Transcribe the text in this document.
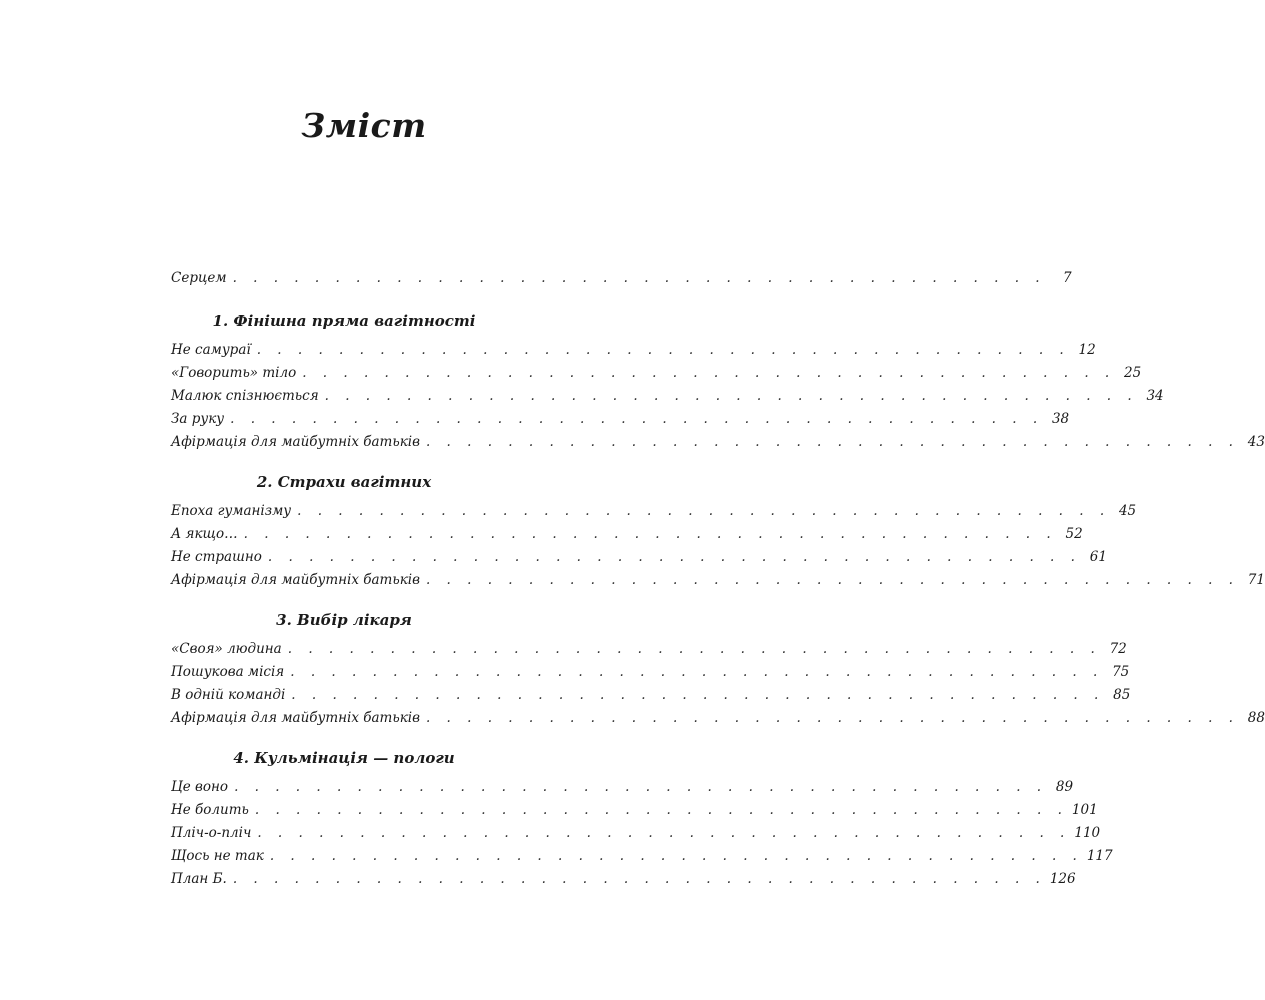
Зміст
Серцем . . . . . . . . . . . . . . . . . . . . . . . . . . . . . . . . . . . . . . . .	7
1. Фінішна пряма вагітності
Не самураї . . . . . . . . . . . . . . . . . . . . . . . . . . . . . . . . . . . . . . . . 12
«Говорить» тіло . . . . . . . . . . . . . . . . . . . . . . . . . . . . . . . . . . . . . . . . 25
Малюк спізнюється . . . . . . . . . . . . . . . . . . . . . . . . . . . . . . . . . . . . . . . . 34
За руку . . . . . . . . . . . . . . . . . . . . . . . . . . . . . . . . . . . . . . . . 38
Афірмація для майбутніх батьків . . . . . . . . . . . . . . . . . . . . . . . . . . . . . . . . . . . . . . . . 43
2. Страхи вагітних
Епоха гуманізму . . . . . . . . . . . . . . . . . . . . . . . . . . . . . . . . . . . . . . . . 45
А якщо… . . . . . . . . . . . . . . . . . . . . . . . . . . . . . . . . . . . . . . . . 52
Не страшно . . . . . . . . . . . . . . . . . . . . . . . . . . . . . . . . . . . . . . . . 61
Афірмація для майбутніх батьків . . . . . . . . . . . . . . . . . . . . . . . . . . . . . . . . . . . . . . . . 71
3. Вибір лікаря
«Своя» людина . . . . . . . . . . . . . . . . . . . . . . . . . . . . . . . . . . . . . . . . 72
Пошукова місія . . . . . . . . . . . . . . . . . . . . . . . . . . . . . . . . . . . . . . . . 75
В одній команді . . . . . . . . . . . . . . . . . . . . . . . . . . . . . . . . . . . . . . . . 85
Афірмація для майбутніх батьків . . . . . . . . . . . . . . . . . . . . . . . . . . . . . . . . . . . . . . . . 88
4. Кульмінація — пологи
Це воно . . . . . . . . . . . . . . . . . . . . . . . . . . . . . . . . . . . . . . . . 89
Не болить . . . . . . . . . . . . . . . . . . . . . . . . . . . . . . . . . . . . . . . . 101
Пліч-о-пліч . . . . . . . . . . . . . . . . . . . . . . . . . . . . . . . . . . . . . . . . 110
Щось не так . . . . . . . . . . . . . . . . . . . . . . . . . . . . . . . . . . . . . . . . 117
План Б. . . . . . . . . . . . . . . . . . . . . . . . . . . . . . . . . . . . . . . . . 126
